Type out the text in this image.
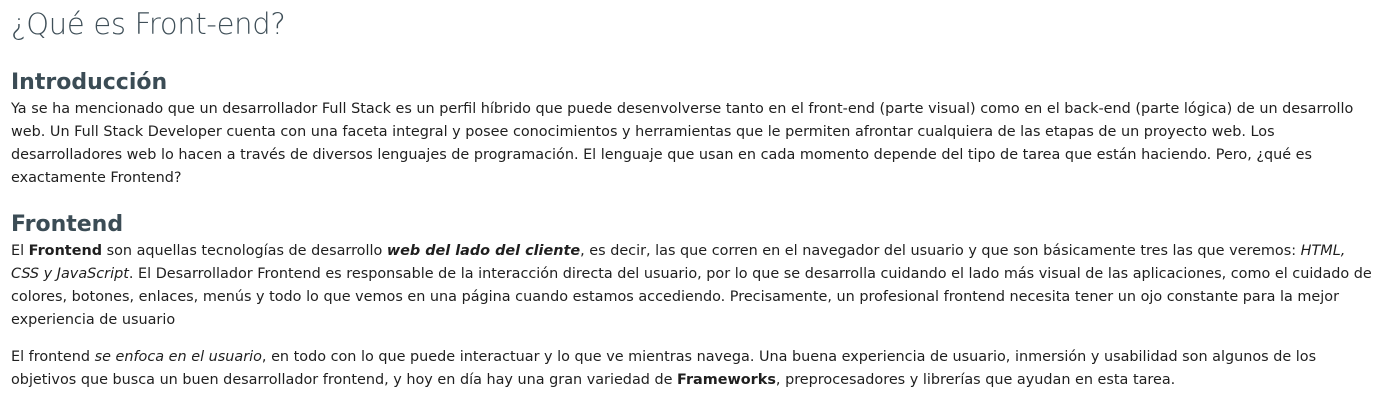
¿Qué es Front-end?
Introducción

Ya se ha mencionado que un desarrollador Full Stack es un perfil híbrido que puede desenvolverse tanto en el front-end (parte visual) como en el back-end (parte lógica) de un desarrollo web. Un Full Stack Developer cuenta con una faceta integral y posee conocimientos y herramientas que le permiten afrontar cualquiera de las etapas de un proyecto web. Los desarrolladores web lo hacen a través de diversos lenguajes de programación. El lenguaje que usan en cada momento depende del tipo de tarea que están haciendo. Pero, ¿qué es exactamente Frontend?

Frontend

El Frontend son aquellas tecnologías de desarrollo web del lado del cliente, es decir, las que corren en el navegador del usuario y que son básicamente tres las que veremos: HTML, CSS y JavaScript. El Desarrollador Frontend es responsable de la interacción directa del usuario, por lo que se desarrolla cuidando el lado más visual de las aplicaciones, como el cuidado de colores, botones, enlaces, menús y todo lo que vemos en una página cuando estamos accediendo. Precisamente, un profesional frontend necesita tener un ojo constante para la mejor experiencia de usuario

El frontend se enfoca en el usuario, en todo con lo que puede interactuar y lo que ve mientras navega. Una buena experiencia de usuario, inmersión y usabilidad son algunos de los objetivos que busca un buen desarrollador frontend, y hoy en día hay una gran variedad de Frameworks, preprocesadores y librerías que ayudan en esta tarea.
